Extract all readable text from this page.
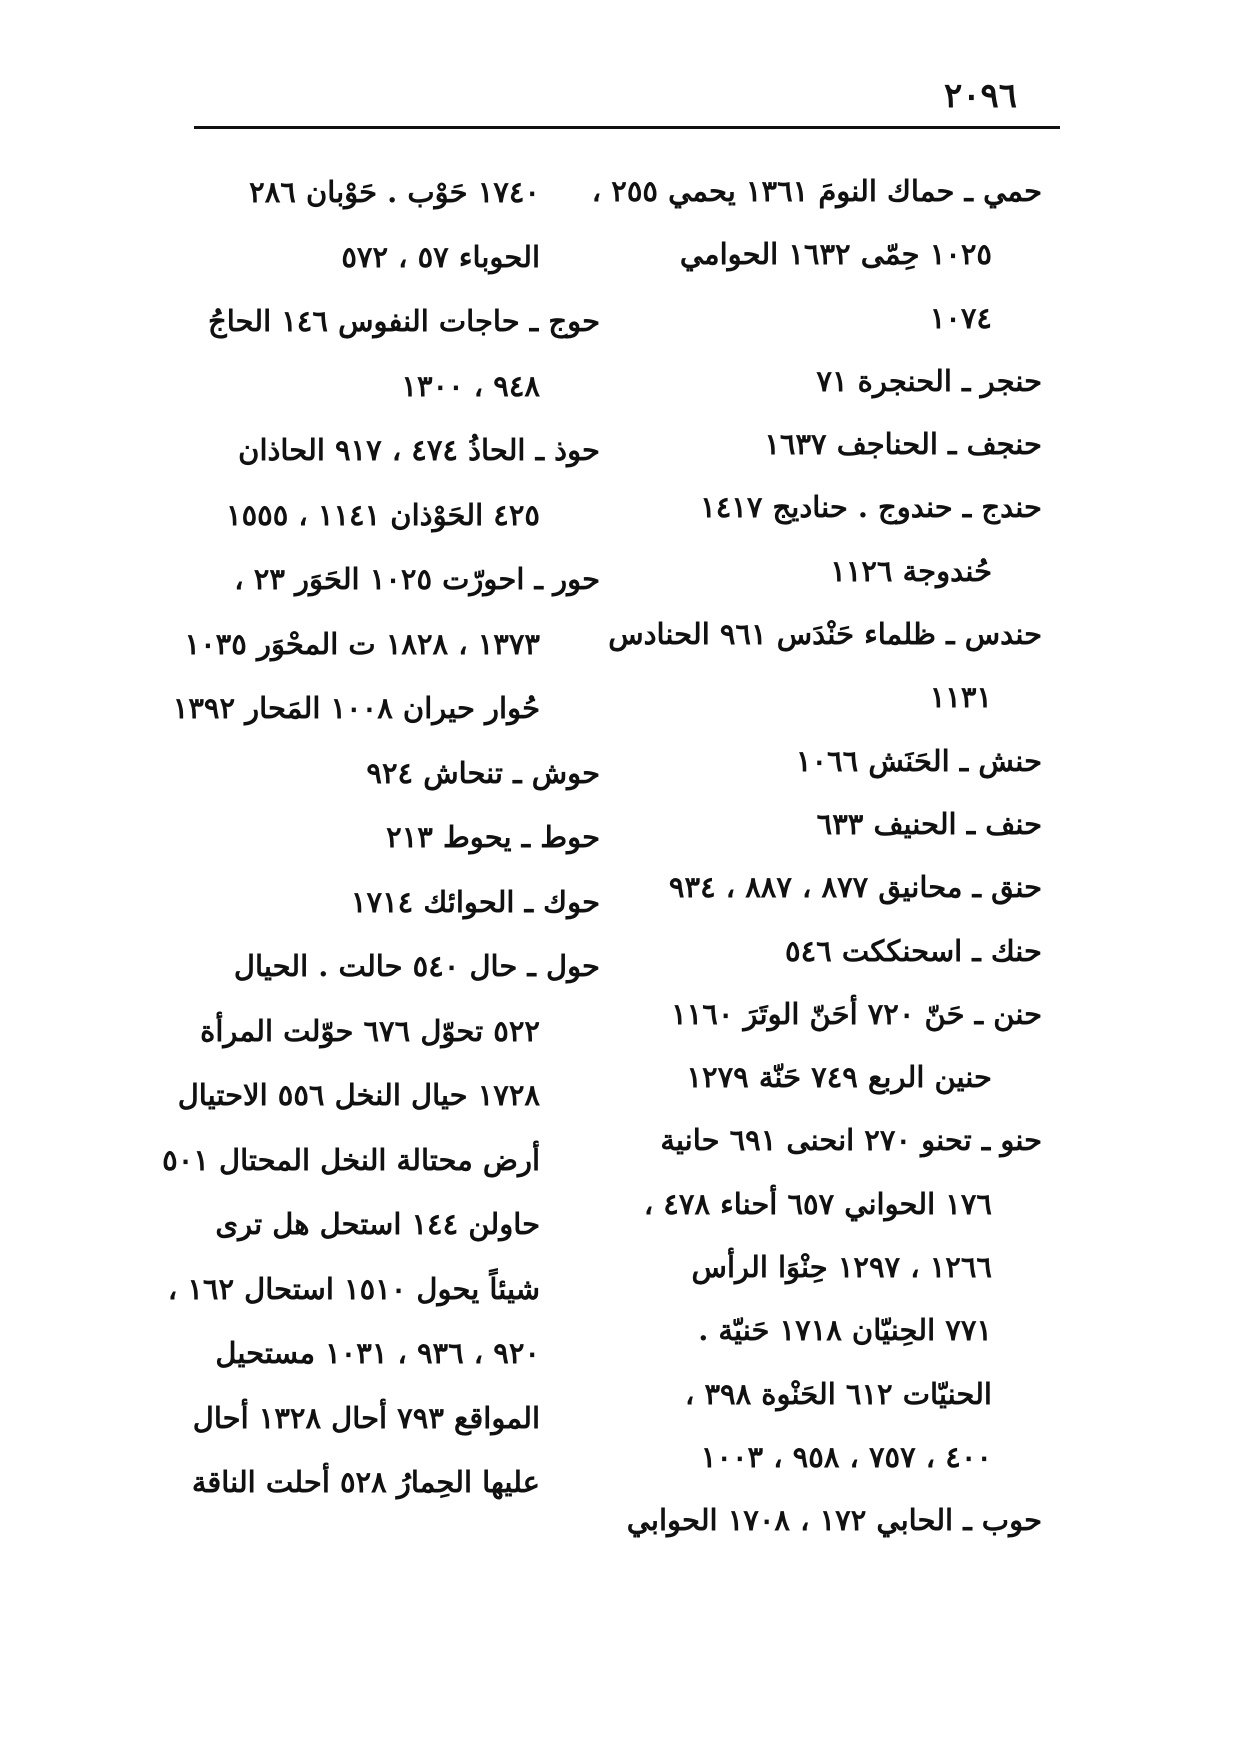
٢٠٩٦
حمي ـ حماك النومَ ١٣٦١ يحمي ٢٥٥ ،
١٠٢٥ حِمّى ١٦٣٢ الحوامي
١٠٧٤
حنجر ـ الحنجرة ٧١
حنجف ـ الحناجف ١٦٣٧
حندج ـ حندوج . حناديج ١٤١٧
حُندوجة ١١٢٦
حندس ـ ظلماء حَنْدَس ٩٦١ الحنادس
١١٣١
حنش ـ الحَنَش ١٠٦٦
حنف ـ الحنيف ٦٣٣
حنق ـ محانيق ٨٧٧ ، ٨٨٧ ، ٩٣٤
حنك ـ اسحنككت ٥٤٦
حنن ـ حَنّ ٧٢٠ أحَنّ الوتَرَ ١١٦٠
حنين الربع ٧٤٩ حَنّة ١٢٧٩
حنو ـ تحنو ٢٧٠ انحنى ٦٩١ حانية
١٧٦ الحواني ٦٥٧ أحناء ٤٧٨ ،
١٢٦٦ ، ١٢٩٧ حِنْوَا الرأس
٧٧١ الحِنيّان ١٧١٨ حَنيّة .
الحنيّات ٦١٢ الحَنْوة ٣٩٨ ،
٤٠٠ ، ٧٥٧ ، ٩٥٨ ، ١٠٠٣
حوب ـ الحابي ١٧٢ ، ١٧٠٨ الحوابي
١٧٤٠ حَوْب . حَوْبان ٢٨٦
الحوباء ٥٧ ، ٥٧٢
حوج ـ حاجات النفوس ١٤٦ الحاجُ
٩٤٨ ، ١٣٠٠
حوذ ـ الحاذُ ٤٧٤ ، ٩١٧ الحاذان
٤٢٥ الحَوْذان ١١٤١ ، ١٥٥٥
حور ـ احورّت ١٠٢٥ الحَوَر ٢٣ ،
١٣٧٣ ، ١٨٢٨ ت المحْوَر ١٠٣٥
حُوار حيران ١٠٠٨ المَحار ١٣٩٢
حوش ـ تنحاش ٩٢٤
حوط ـ يحوط ٢١٣
حوك ـ الحوائك ١٧١٤
حول ـ حال ٥٤٠ حالت . الحيال
٥٢٢ تحوّل ٦٧٦ حوّلت المرأة
١٧٢٨ حيال النخل ٥٥٦ الاحتيال
أرض محتالة النخل المحتال ٥٠١
حاولن ١٤٤ استحل هل ترى
شيئاً يحول ١٥١٠ استحال ١٦٢ ،
٩٢٠ ، ٩٣٦ ، ١٠٣١ مستحيل
المواقع ٧٩٣ أحال ١٣٢٨ أحال
عليها الحِمارُ ٥٢٨ أحلت الناقة
